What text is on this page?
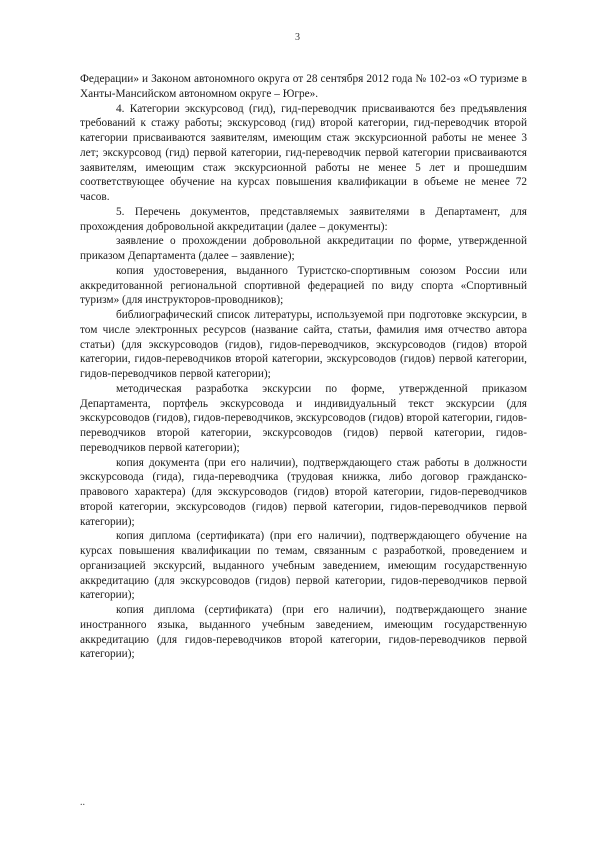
3

Федерации» и Законом автономного округа от 28 сентября 2012 года № 102-оз «О туризме в Ханты-Мансийском автономном округе – Югре».

4. Категории экскурсовод (гид), гид-переводчик присваиваются без предъявления требований к стажу работы; экскурсовод (гид) второй категории, гид-переводчик второй категории присваиваются заявителям, имеющим стаж экскурсионной работы не менее 3 лет; экскурсовод (гид) первой категории, гид-переводчик первой категории присваиваются заявителям, имеющим стаж экскурсионной работы не менее 5 лет и прошедшим соответствующее обучение на курсах повышения квалификации в объеме не менее 72 часов.

5. Перечень документов, представляемых заявителями в Департамент, для прохождения добровольной аккредитации (далее – документы):

заявление о прохождении добровольной аккредитации по форме, утвержденной приказом Департамента (далее – заявление);

копия удостоверения, выданного Туристско-спортивным союзом России или аккредитованной региональной спортивной федерацией по виду спорта «Спортивный туризм» (для инструкторов-проводников);

библиографический список литературы, используемой при подготовке экскурсии, в том числе электронных ресурсов (название сайта, статьи, фамилия имя отчество автора статьи) (для экскурсоводов (гидов), гидов-переводчиков, экскурсоводов (гидов) второй категории, гидов-переводчиков второй категории, экскурсоводов (гидов) первой категории, гидов-переводчиков первой категории);

методическая разработка экскурсии по форме, утвержденной приказом Департамента, портфель экскурсовода и индивидуальный текст экскурсии (для экскурсоводов (гидов), гидов-переводчиков, экскурсоводов (гидов) второй категории, гидов-переводчиков второй категории, экскурсоводов (гидов) первой категории, гидов-переводчиков первой категории);

копия документа (при его наличии), подтверждающего стаж работы в должности экскурсовода (гида), гида-переводчика (трудовая книжка, либо договор гражданско-правового характера) (для экскурсоводов (гидов) второй категории, гидов-переводчиков второй категории, экскурсоводов (гидов) первой категории, гидов-переводчиков первой категории);

копия диплома (сертификата) (при его наличии), подтверждающего обучение на курсах повышения квалификации по темам, связанным с разработкой, проведением и организацией экскурсий, выданного учебным заведением, имеющим государственную аккредитацию (для экскурсоводов (гидов) первой категории, гидов-переводчиков первой категории);

копия диплома (сертификата) (при его наличии), подтверждающего знание иностранного языка, выданного учебным заведением, имеющим государственную аккредитацию (для гидов-переводчиков второй категории, гидов-переводчиков первой категории);

..
